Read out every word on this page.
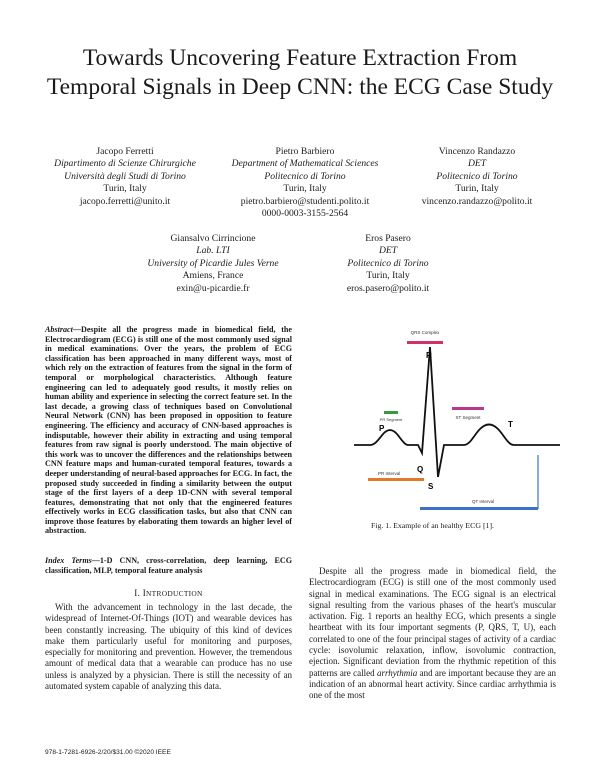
Towards Uncovering Feature Extraction From Temporal Signals in Deep CNN: the ECG Case Study
Jacopo Ferretti
Dipartimento di Scienze Chirurgiche
Università degli Studi di Torino
Turin, Italy
jacopo.ferretti@unito.it
Pietro Barbiero
Department of Mathematical Sciences
Politecnico di Torino
Turin, Italy
pietro.barbiero@studenti.polito.it
0000-0003-3155-2564
Vincenzo Randazzo
DET
Politecnico di Torino
Turin, Italy
vincenzo.randazzo@polito.it
Giansalvo Cirrincione
Lab. LTI
University of Picardie Jules Verne
Amiens, France
exin@u-picardie.fr
Eros Pasero
DET
Politecnico di Torino
Turin, Italy
eros.pasero@polito.it
Abstract—Despite all the progress made in biomedical field, the Electrocardiogram (ECG) is still one of the most commonly used signal in medical examinations. Over the years, the problem of ECG classification has been approached in many different ways, most of which rely on the extraction of features from the signal in the form of temporal or morphological characteristics. Although feature engineering can led to adequately good results, it mostly relies on human ability and experience in selecting the correct feature set. In the last decade, a growing class of techniques based on Convolutional Neural Network (CNN) has been proposed in opposition to feature engineering. The efficiency and accuracy of CNN-based approaches is indisputable, however their ability in extracting and using temporal features from raw signal is poorly understood. The main objective of this work was to uncover the differences and the relationships between CNN feature maps and human-curated temporal features, towards a deeper understanding of neural-based approaches for ECG. In fact, the proposed study succeeded in finding a similarity between the output stage of the first layers of a deep 1D-CNN with several temporal features, demonstrating that not only that the engineered features effectively works in ECG classification tasks, but also that CNN can improve those features by elaborating them towards an higher level of abstraction.
Index Terms—1-D CNN, cross-correlation, deep learning, ECG classification, MLP, temporal feature analysis
I. INTRODUCTION
With the advancement in technology in the last decade, the widespread of Internet-Of-Things (IOT) and wearable devices has been constantly increasing. The ubiquity of this kind of devices make them particularly useful for monitoring and purposes, especially for monitoring and prevention. However, the tremendous amount of medical data that a wearable can produce has no use unless is analyzed by a physician. There is still the necessity of an automated system capable of analyzing this data.
QRS Complex
ST Segment
PR Segment
PR Interval
QT Interval
R
P	T
Q
S
Fig. 1. Example of an healthy ECG [1].
Despite all the progress made in biomedical field, the Electrocardiogram (ECG) is still one of the most commonly used signal in medical examinations. The ECG signal is an electrical signal resulting from the various phases of the heart's muscular activation. Fig. 1 reports an healthy ECG, which presents a single heartbeat with its four important segments (P, QRS, T, U), each correlated to one of the four principal stages of activity of a cardiac cycle: isovolumic relaxation, inflow, isovolumic contraction, ejection. Significant deviation from the rhythmic repetition of this patterns are called arrhythmia and are important because they are an indication of an abnormal heart activity. Since cardiac arrhythmia is one of the most
978-1-7281-6926-2/20/$31.00 ©2020 IEEE
